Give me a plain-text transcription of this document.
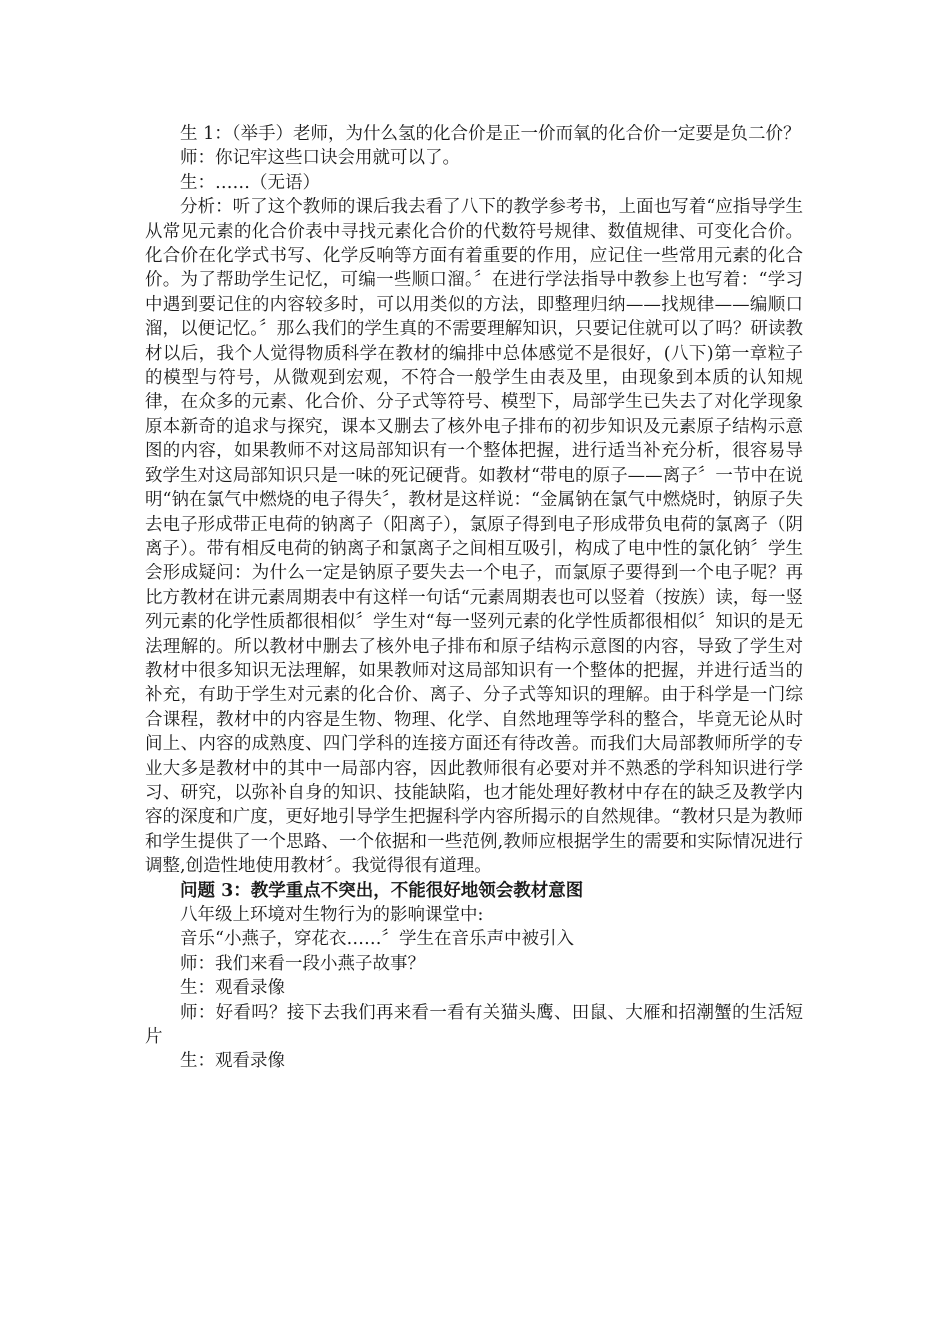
生 1：（举手）老师，为什么氢的化合价是正一价而氧的化合价一定要是负二价？

师：你记牢这些口诀会用就可以了。

生：……（无语）

分析：听了这个教师的课后我去看了八下的教学参考书，上面也写着“应指导学生从常见元素的化合价表中寻找元素化合价的代数符号规律、数值规律、可变化合价。化合价在化学式书写、化学反响等方面有着重要的作用，应记住一些常用元素的化合价。为了帮助学生记忆，可编一些顺口溜。〞在进行学法指导中教参上也写着：“学习中遇到要记住的内容较多时，可以用类似的方法，即整理归纳——找规律——编顺口溜，以便记忆。〞那么我们的学生真的不需要理解知识，只要记住就可以了吗？研读教材以后，我个人觉得物质科学在教材的编排中总体感觉不是很好，(八下)第一章粒子的模型与符号，从微观到宏观，不符合一般学生由表及里，由现象到本质的认知规律，在众多的元素、化合价、分子式等符号、模型下，局部学生已失去了对化学现象原本新奇的追求与探究，课本又删去了核外电子排布的初步知识及元素原子结构示意图的内容，如果教师不对这局部知识有一个整体把握，进行适当补充分析，很容易导致学生对这局部知识只是一味的死记硬背。如教材“带电的原子——离子〞一节中在说明“钠在氯气中燃烧的电子得失〞，教材是这样说：“金属钠在氯气中燃烧时，钠原子失去电子形成带正电荷的钠离子（阳离子），氯原子得到电子形成带负电荷的氯离子（阴离子）。带有相反电荷的钠离子和氯离子之间相互吸引，构成了电中性的氯化钠〞学生会形成疑问：为什么一定是钠原子要失去一个电子，而氯原子要得到一个电子呢？再比方教材在讲元素周期表中有这样一句话“元素周期表也可以竖着（按族）读，每一竖列元素的化学性质都很相似〞学生对“每一竖列元素的化学性质都很相似〞知识的是无法理解的。所以教材中删去了核外电子排布和原子结构示意图的内容，导致了学生对教材中很多知识无法理解，如果教师对这局部知识有一个整体的把握，并进行适当的补充，有助于学生对元素的化合价、离子、分子式等知识的理解。由于科学是一门综合课程，教材中的内容是生物、物理、化学、自然地理等学科的整合，毕竟无论从时间上、内容的成熟度、四门学科的连接方面还有待改善。而我们大局部教师所学的专业大多是教材中的其中一局部内容，因此教师很有必要对并不熟悉的学科知识进行学习、研究，以弥补自身的知识、技能缺陷，也才能处理好教材中存在的缺乏及教学内容的深度和广度，更好地引导学生把握科学内容所揭示的自然规律。“教材只是为教师和学生提供了一个思路、一个依据和一些范例,教师应根据学生的需要和实际情况进行调整,创造性地使用教材〞。我觉得很有道理。

问题 3：教学重点不突出，不能很好地领会教材意图

八年级上环境对生物行为的影响课堂中:

音乐“小燕子，穿花衣……〞学生在音乐声中被引入

师：我们来看一段小燕子故事？

生：观看录像

师：好看吗？接下去我们再来看一看有关猫头鹰、田鼠、大雁和招潮蟹的生活短片

生：观看录像
